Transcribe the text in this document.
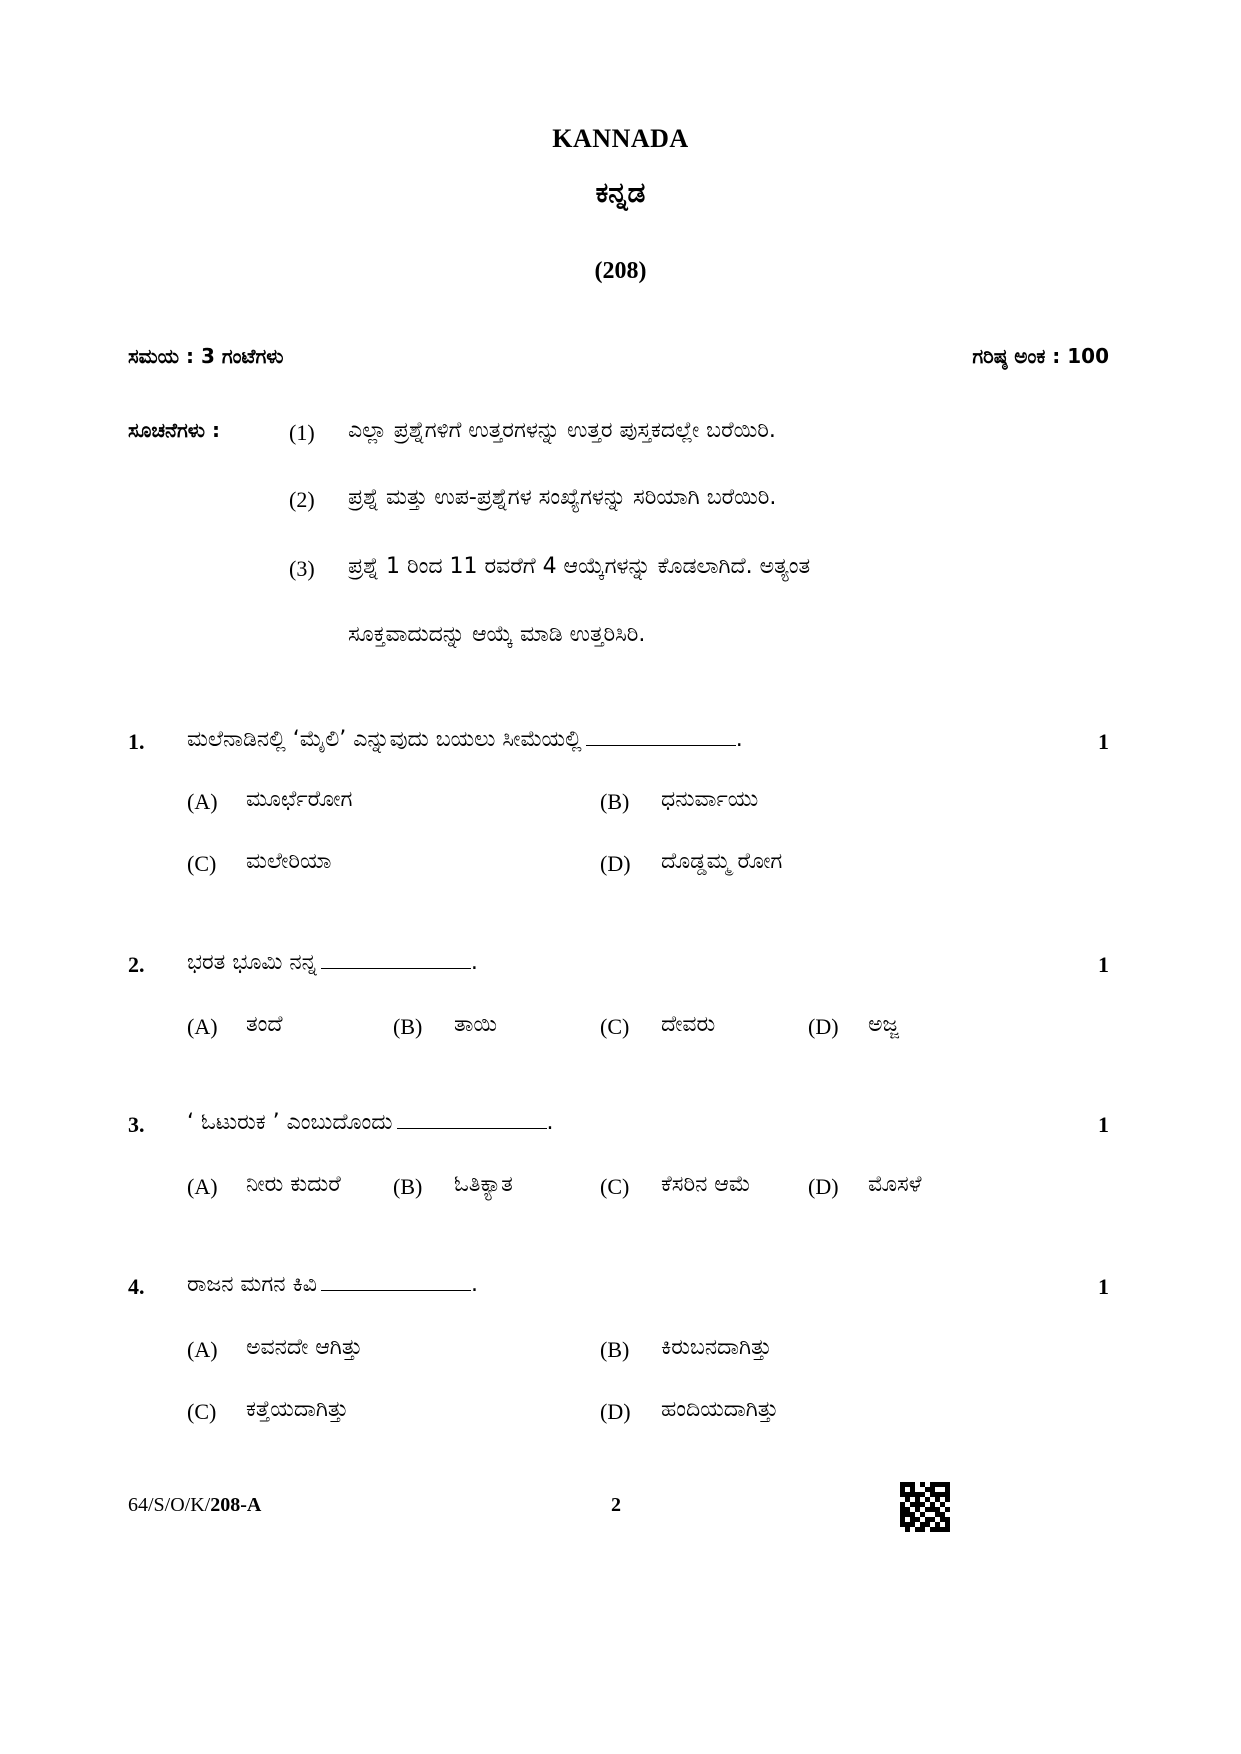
KANNADA
ಕನ್ನಡ
(208)
ಸಮಯ : 3 ಗಂಟೆಗಳು	ಗರಿಷ್ಠ ಅಂಕ : 100
ಸೂಚನೆಗಳು :	(1) ಎಲ್ಲಾ ಪ್ರಶ್ನೆಗಳಿಗೆ ಉತ್ತರಗಳನ್ನು ಉತ್ತರ ಪುಸ್ತಕದಲ್ಲೇ ಬರೆಯಿರಿ.
(2) ಪ್ರಶ್ನೆ ಮತ್ತು ಉಪ-ಪ್ರಶ್ನೆಗಳ ಸಂಖ್ಯೆಗಳನ್ನು ಸರಿಯಾಗಿ ಬರೆಯಿರಿ.
(3) ಪ್ರಶ್ನೆ 1 ರಿಂದ 11 ರವರೆಗೆ 4 ಆಯ್ಕೆಗಳನ್ನು ಕೊಡಲಾಗಿದೆ. ಅತ್ಯಂತ
ಸೂಕ್ತವಾದುದನ್ನು ಆಯ್ಕೆ ಮಾಡಿ ಉತ್ತರಿಸಿರಿ.
1. ಮಲೆನಾಡಿನಲ್ಲಿ ‘ಮೈಲಿ’ ಎನ್ನುವುದು ಬಯಲು ಸೀಮೆಯಲ್ಲಿ	.	1
(A) ಮೂರ್ಛೆರೋಗ	(B) ಧನುರ್ವಾಯು
(C) ಮಲೇರಿಯಾ	(D) ದೊಡ್ಡಮ್ಮ ರೋಗ
2. ಭರತ ಭೂಮಿ ನನ್ನ	.	1
(A) ತಂದೆ	(B) ತಾಯಿ	(C) ದೇವರು	(D) ಅಜ್ಜ
3. ‘ ಓಟುರುಕ ’ ಎಂಬುದೊಂದು	.	1
(A) ನೀರು ಕುದುರೆ (B) ಓತಿಕ್ಯಾತ	(C) ಕೆಸರಿನ ಆಮೆ	(D) ಮೊಸಳೆ
4. ರಾಜನ ಮಗನ ಕಿವಿ	.	1
(A) ಅವನದೇ ಆಗಿತ್ತು	(B) ಕಿರುಬನದಾಗಿತ್ತು
(C) ಕತ್ತೆಯದಾಗಿತ್ತು	(D) ಹಂದಿಯದಾಗಿತ್ತು
64/S/O/K/208-A	2
